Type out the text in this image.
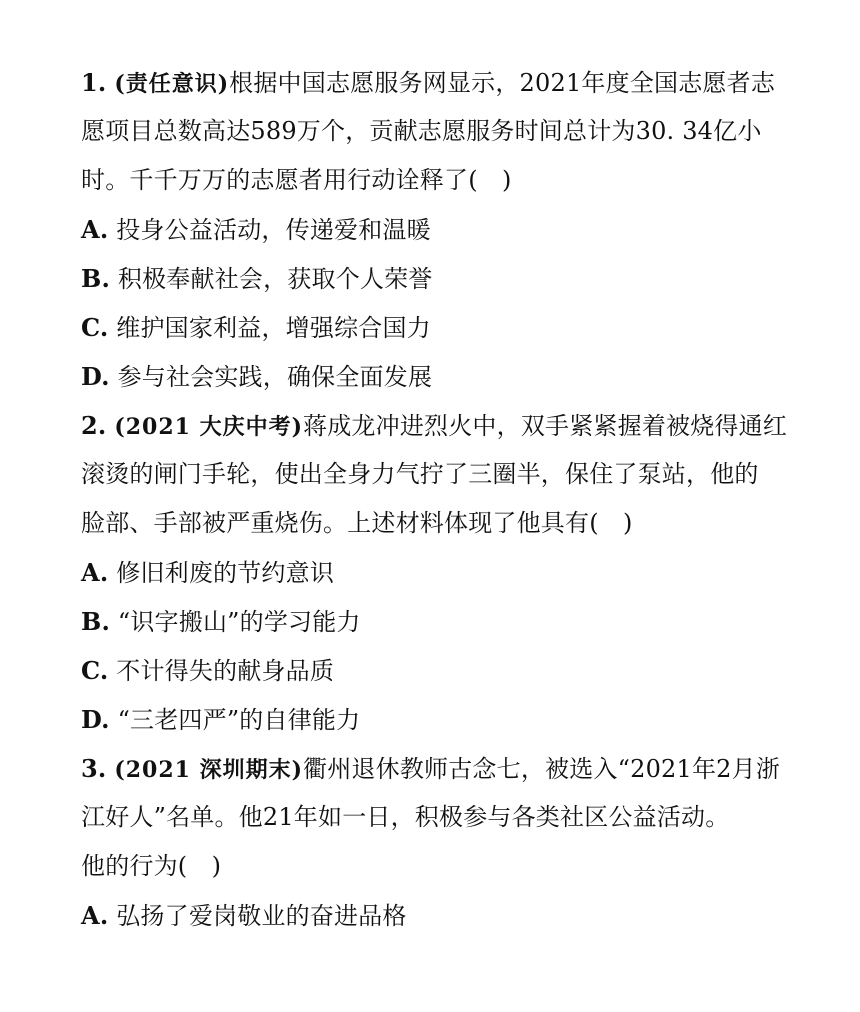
1. (责任意识)根据中国志愿服务网显示，2021年度全国志愿者志
愿项目总数高达589万个，贡献志愿服务时间总计为30. 34亿小
时。千千万万的志愿者用行动诠释了(　)
A. 投身公益活动，传递爱和温暖
B. 积极奉献社会，获取个人荣誉
C. 维护国家利益，增强综合国力
D. 参与社会实践，确保全面发展
2. (2021 大庆中考)蒋成龙冲进烈火中，双手紧紧握着被烧得通红
滚烫的闸门手轮，使出全身力气拧了三圈半，保住了泵站，他的
脸部、手部被严重烧伤。上述材料体现了他具有(　)
A. 修旧利废的节约意识
B. “识字搬山”的学习能力
C. 不计得失的献身品质
D. “三老四严”的自律能力
3. (2021 深圳期末)衢州退休教师古念七，被选入“2021年2月浙
江好人”名单。他21年如一日，积极参与各类社区公益活动。
他的行为(　)
A. 弘扬了爱岗敬业的奋进品格
